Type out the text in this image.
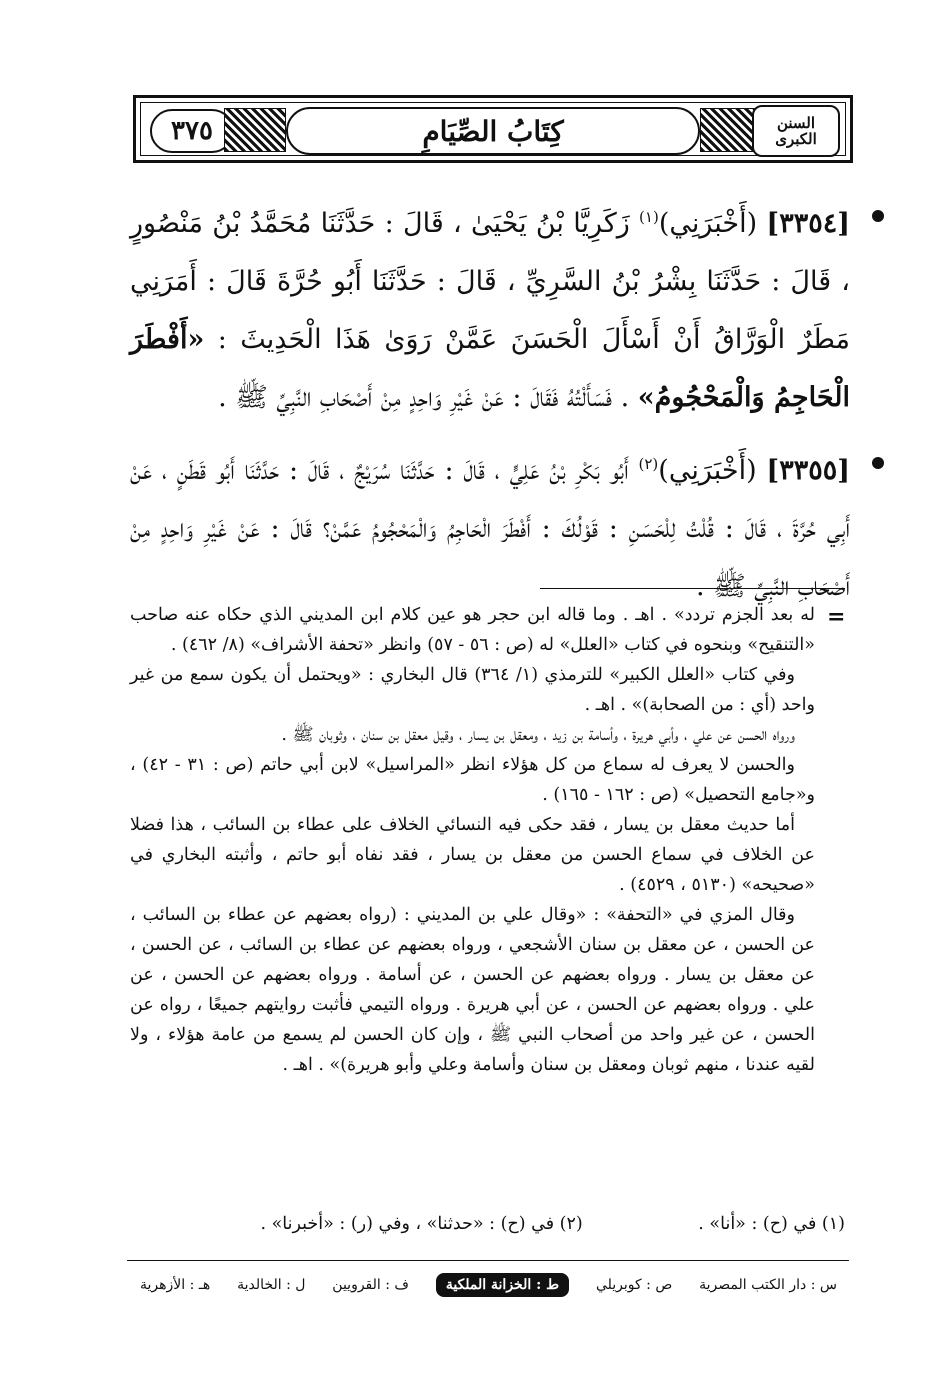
٣٧٥	كِتَابُ الصِّيَامِ	السنن
الكبرى

[٣٣٥٤] (أَخْبَرَنِي)$^{(١)}$ زَكَرِيَّا بْنُ يَحْيَىٰ ، قَالَ : حَدَّثَنَا مُحَمَّدُ بْنُ مَنْصُورٍ ، قَالَ : حَدَّثَنَا بِشْرُ بْنُ السَّرِيِّ ، قَالَ : حَدَّثَنَا أَبُو حُرَّةَ قَالَ : أَمَرَنِي مَطَرٌ الْوَرَّاقُ أَنْ أَسْأَلَ الْحَسَنَ عَمَّنْ رَوَىٰ هَذَا الْحَدِيثَ : «أَفْطَرَ الْحَاجِمُ وَالْمَحْجُومُ» . فَسَأَلْتُهُ فَقَالَ : عَنْ غَيْرِ وَاحِدٍ مِنْ أَصْحَابِ النَّبِيِّ ﷺ .

[٣٣٥٥] (أَخْبَرَنِي)$^{(٢)}$ أَبُو بَكْرِ بْنُ عَلِيٍّ ، قَالَ : حَدَّثَنَا سُرَيْجٌ ، قَالَ : حَدَّثَنَا أَبُو قَطَنٍ ، عَنْ أَبِي حُرَّةَ ، قَالَ : قُلْتُ لِلْحَسَنِ : قَوْلُكَ : أَفْطَرَ الْحَاجِمُ وَالْمَحْجُومُ عَمَّنْ؟ قَالَ : عَنْ غَيْرِ وَاحِدٍ مِنْ أَصْحَابِ النَّبِيِّ ﷺ .

=

له بعد الجزم تردد» . اهـ . وما قاله ابن حجر هو عين كلام ابن المديني الذي حكاه عنه صاحب «التنقيح» وبنحوه في كتاب «العلل» له (ص : ٥٦ - ٥٧) وانظر «تحفة الأشراف» (٨/ ٤٦٢) .

وفي كتاب «العلل الكبير» للترمذي (١/ ٣٦٤) قال البخاري : «ويحتمل أن يكون سمع من غير واحد (أي : من الصحابة)» . اهـ .

ورواه الحسن عن علي ، وأبي هريرة ، وأسامة بن زيد ، ومعقل بن يسار ، وقيل معقل بن سنان ، وثوبان ﷺ .

والحسن لا يعرف له سماع من كل هؤلاء انظر «المراسيل» لابن أبي حاتم (ص : ٣١ - ٤٢) ، و«جامع التحصيل» (ص : ١٦٢ - ١٦٥) .

أما حديث معقل بن يسار ، فقد حكى فيه النسائي الخلاف على عطاء بن السائب ، هذا فضلا عن الخلاف في سماع الحسن من معقل بن يسار ، فقد نفاه أبو حاتم ، وأثبته البخاري في «صحيحه» (٥١٣٠ ، ٤٥٢٩) .

وقال المزي في «التحفة» : «وقال علي بن المديني : (رواه بعضهم عن عطاء بن السائب ، عن الحسن ، عن معقل بن سنان الأشجعي ، ورواه بعضهم عن عطاء بن السائب ، عن الحسن ، عن معقل بن يسار . ورواه بعضهم عن الحسن ، عن أسامة . ورواه بعضهم عن الحسن ، عن علي . ورواه بعضهم عن الحسن ، عن أبي هريرة . ورواه التيمي فأثبت روايتهم جميعًا ، رواه عن الحسن ، عن غير واحد من أصحاب النبي ﷺ ، وإن كان الحسن لم يسمع من عامة هؤلاء ، ولا لقيه عندنا ، منهم ثوبان ومعقل بن سنان وأسامة وعلي وأبو هريرة)» . اهـ .

(١) في (ح) : «أنا» . (٢) في (ح) : «حدثنا» ، وفي (ر) : «أخبرنا» .
س : دار الكتب المصرية
ص : كوبريلي
ط : الخزانة الملكية
ف : القرويين
ل : الخالدية
هـ : الأزهرية
